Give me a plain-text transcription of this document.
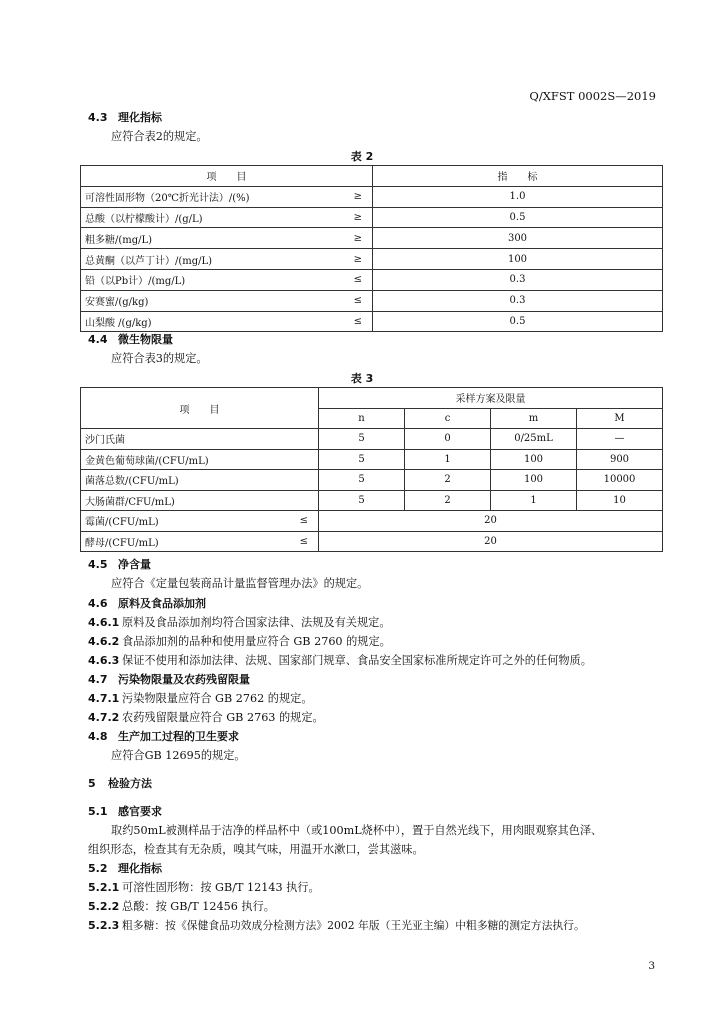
Q/XFST 0002S—2019
4.3 理化指标
应符合表2的规定。
表 2
项　　目		指　　标
可溶性固形物（20℃折光计法）/(%)	≥	1.0
总酸（以柠檬酸计）/(g/L)	≥	0.5
粗多糖/(mg/L)	≥	300
总黄酮（以芦丁计）/(mg/L)	≥	100
铅（以Pb计）/(mg/L)	≤	0.3
安赛蜜/(g/kg)	≤	0.3
山梨酸 /(g/kg)	≤	0.5
4.4 微生物限量
应符合表3的规定。
表 3
项　　目		采样方案及限量			
		n	c	m	M
沙门氏菌		5	0	0/25mL	—
金黄色葡萄球菌/(CFU/mL)		5	1	100	900
菌落总数/(CFU/mL)		5	2	100	10000
大肠菌群/CFU/mL)		5	2	1	10
霉菌/(CFU/mL)	≤	20			
酵母/(CFU/mL)	≤	20			
4.5 净含量
应符合《定量包装商品计量监督管理办法》的规定。
4.6 原料及食品添加剂
4.6.1 原料及食品添加剂均符合国家法律、法规及有关规定。
4.6.2 食品添加剂的品种和使用量应符合 GB 2760 的规定。
4.6.3 保证不使用和添加法律、法规、国家部门规章、食品安全国家标准所规定许可之外的任何物质。
4.7 污染物限量及农药残留限量
4.7.1 污染物限量应符合 GB 2762 的规定。
4.7.2 农药残留限量应符合 GB 2763 的规定。
4.8 生产加工过程的卫生要求
应符合GB 12695的规定。
5 检验方法
5.1 感官要求
取约50mL被测样品于洁净的样品杯中（或100mL烧杯中），置于自然光线下，用肉眼观察其色泽、
组织形态，检查其有无杂质，嗅其气味，用温开水漱口，尝其滋味。
5.2 理化指标
5.2.1 可溶性固形物：按 GB/T 12143 执行。
5.2.2 总酸：按 GB/T 12456 执行。
5.2.3 粗多糖：按《保健食品功效成分检测方法》2002 年版（王光亚主编）中粗多糖的测定方法执行。
3
